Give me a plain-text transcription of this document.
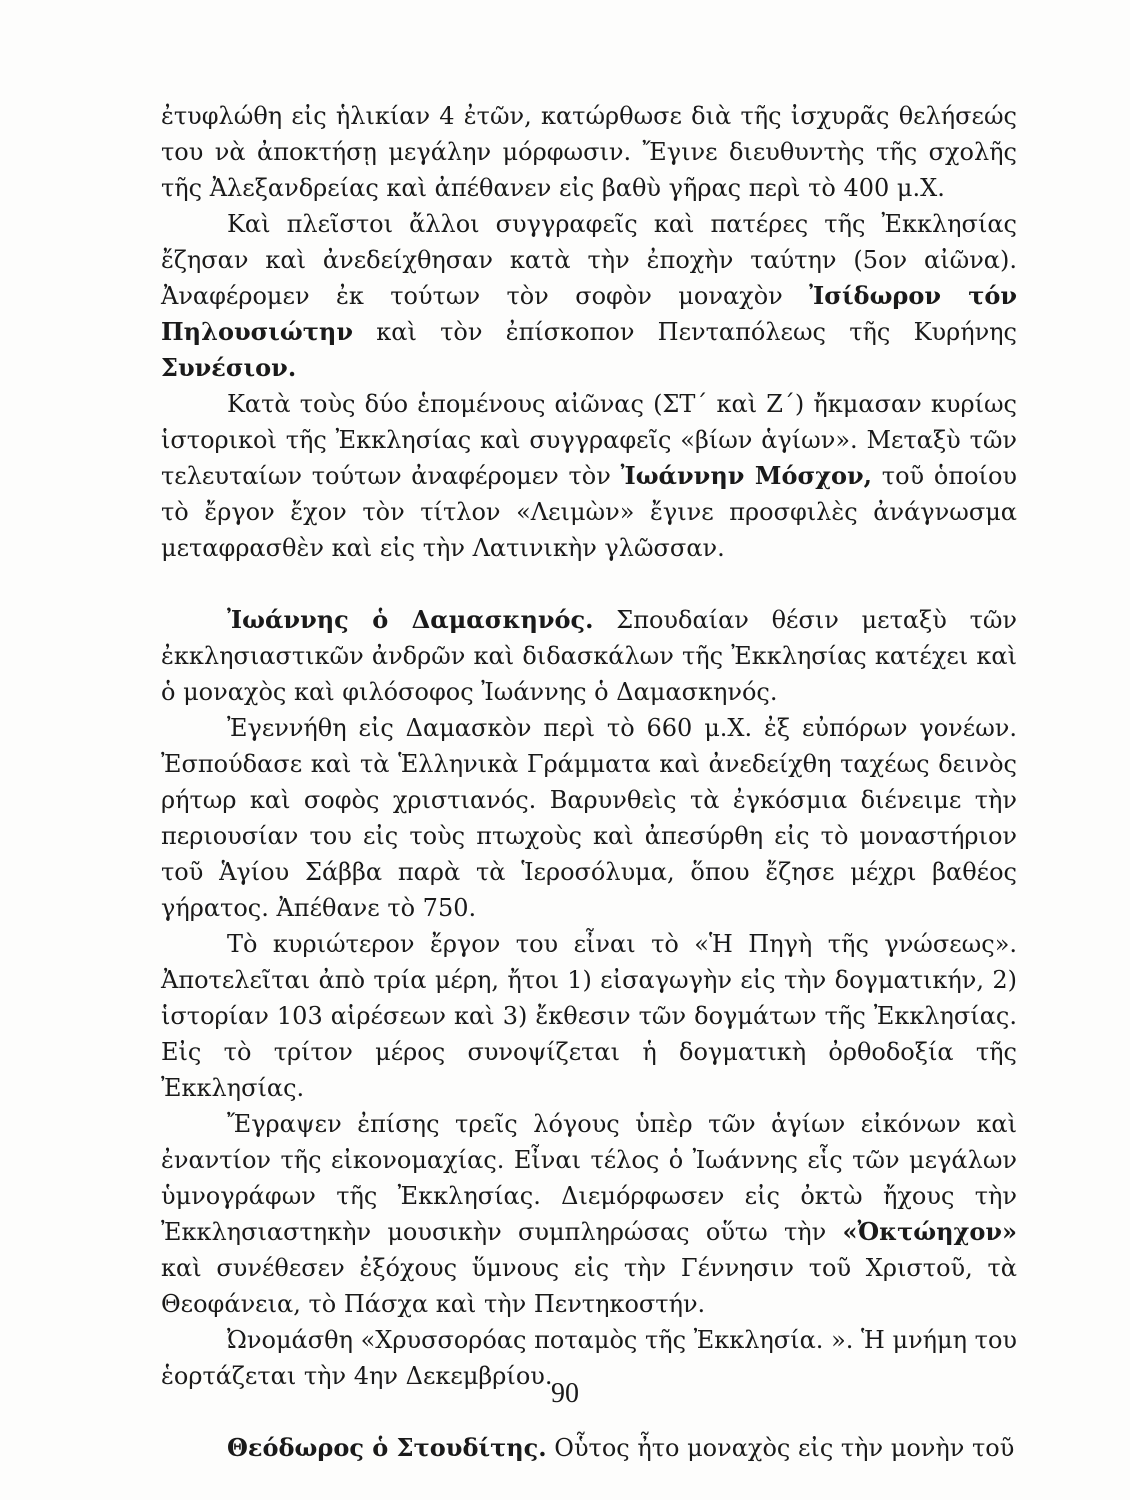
ἐτυφλώθη εἰς ἡλικίαν 4 ἐτῶν, κατώρθωσε διὰ τῆς ἰσχυρᾶς θελήσεώς του νὰ ἀποκτήσῃ μεγάλην μόρφωσιν. Ἔγινε διευθυντὴς τῆς σχολῆς τῆς Ἀλεξανδρείας καὶ ἀπέθανεν εἰς βαθὺ γῆρας περὶ τὸ 400 μ.Χ.

Καὶ πλεῖστοι ἄλλοι συγγραφεῖς καὶ πατέρες τῆς Ἐκκλησίας ἔζησαν καὶ ἀνεδείχθησαν κατὰ τὴν ἐποχὴν ταύτην (5ον αἰῶνα). Ἀναφέρομεν ἐκ τούτων τὸν σοφὸν μοναχὸν Ἰσίδωρον τόν Πηλουσιώτην καὶ τὸν ἐπίσκοπον Πενταπόλεως τῆς Κυρήνης Συνέσιον.

Κατὰ τοὺς δύο ἑπομένους αἰῶνας (ΣΤ΄ καὶ Ζ΄) ἤκμασαν κυρίως ἱστορικοὶ τῆς Ἐκκλησίας καὶ συγγραφεῖς «βίων ἁγίων». Μεταξὺ τῶν τελευταίων τούτων ἀναφέρομεν τὸν Ἰωάννην Μόσχον, τοῦ ὁποίου τὸ ἔργον ἔχον τὸν τίτλον «Λειμὼν» ἔγινε προσφιλὲς ἀνάγνωσμα μεταφρασθὲν καὶ εἰς τὴν Λατινικὴν γλῶσσαν.

Ἰωάννης ὁ Δαμασκηνός. Σπουδαίαν θέσιν μεταξὺ τῶν ἐκκλησιαστικῶν ἀνδρῶν καὶ διδασκάλων τῆς Ἐκκλησίας κατέχει καὶ ὁ μοναχὸς καὶ φιλόσοφος Ἰωάννης ὁ Δαμασκηνός.

Ἐγεννήθη εἰς Δαμασκὸν περὶ τὸ 660 μ.Χ. ἐξ εὐπόρων γονέων. Ἐσπούδασε καὶ τὰ Ἑλληνικὰ Γράμματα καὶ ἀνεδείχθη ταχέως δεινὸς ρήτωρ καὶ σοφὸς χριστιανός. Βαρυνθεὶς τὰ ἐγκόσμια διένειμε τὴν περιουσίαν του εἰς τοὺς πτωχοὺς καὶ ἀπεσύρθη εἰς τὸ μοναστήριον τοῦ Ἁγίου Σάββα παρὰ τὰ Ἱεροσόλυμα, ὅπου ἔζησε μέχρι βαθέος γήρατος. Ἀπέθανε τὸ 750.

Τὸ κυριώτερον ἔργον του εἶναι τὸ «Ἡ Πηγὴ τῆς γνώσεως». Ἀποτελεῖται ἀπὸ τρία μέρη, ἤτοι 1) εἰσαγωγὴν εἰς τὴν δογματικήν, 2) ἱστορίαν 103 αἱρέσεων καὶ 3) ἔκθεσιν τῶν δογμάτων τῆς Ἐκκλησίας. Εἰς τὸ τρίτον μέρος συνοψίζεται ἡ δογματικὴ ὀρθοδοξία τῆς Ἐκκλησίας.

Ἔγραψεν ἐπίσης τρεῖς λόγους ὑπὲρ τῶν ἁγίων εἰκόνων καὶ ἐναντίον τῆς εἰκονομαχίας. Εἶναι τέλος ὁ Ἰωάννης εἷς τῶν μεγάλων ὑμνογράφων τῆς Ἐκκλησίας. Διεμόρφωσεν εἰς ὀκτὼ ἤχους τὴν Ἐκκλησιαστηκὴν μουσικὴν συμπληρώσας οὕτω τὴν «Ὀκτώηχον» καὶ συνέθεσεν ἐξόχους ὕμνους εἰς τὴν Γέννησιν τοῦ Χριστοῦ, τὰ Θεοφάνεια, τὸ Πάσχα καὶ τὴν Πεντηκοστήν.

Ὠνομάσθη «Χρυσσορόας ποταμὸς τῆς Ἐκκλησία. ». Ἡ μνήμη του ἑορτάζεται τὴν 4ην Δεκεμβρίου.

Θεόδωρος ὁ Στουδίτης. Οὗτος ἦτο μοναχὸς εἰς τὴν μονὴν τοῦ

90
